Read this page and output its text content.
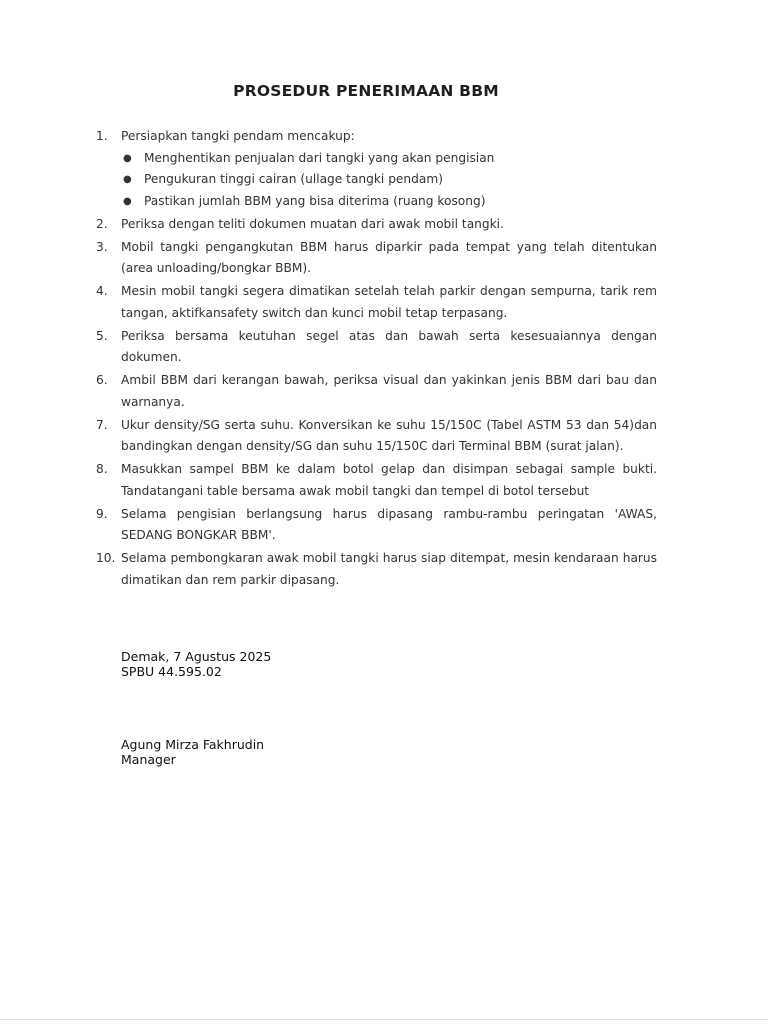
PROSEDUR PENERIMAAN BBM
1.	Persiapkan tangki pendam mencakup:
● Menghentikan penjualan dari tangki yang akan pengisian
● Pengukuran tinggi cairan (ullage tangki pendam)
● Pastikan jumlah BBM yang bisa diterima (ruang kosong)
2.	Periksa dengan teliti dokumen muatan dari awak mobil tangki.
3.	Mobil tangki pengangkutan BBM harus diparkir pada tempat yang telah ditentukan (area unloading/bongkar BBM).
4.	Mesin mobil tangki segera dimatikan setelah telah parkir dengan sempurna, tarik rem tangan, aktifkansafety switch dan kunci mobil tetap terpasang.
5.	Periksa bersama keutuhan segel atas dan bawah serta kesesuaiannya dengan dokumen.
6.	Ambil BBM dari kerangan bawah, periksa visual dan yakinkan jenis BBM dari bau dan warnanya.
7.	Ukur density/SG serta suhu. Konversikan ke suhu 15/150C (Tabel ASTM 53 dan 54)dan bandingkan dengan density/SG dan suhu 15/150C dari Terminal BBM (surat jalan).
8.	Masukkan sampel BBM ke dalam botol gelap dan disimpan sebagai sample bukti. Tandatangani table bersama awak mobil tangki dan tempel di botol tersebut
9.	Selama pengisian berlangsung harus dipasang rambu-rambu peringatan 'AWAS, SEDANG BONGKAR BBM'.
10. Selama pembongkaran awak mobil tangki harus siap ditempat, mesin kendaraan harus dimatikan dan rem parkir dipasang.
Demak, 7 Agustus 2025
SPBU 44.595.02
Agung Mirza Fakhrudin
Manager
